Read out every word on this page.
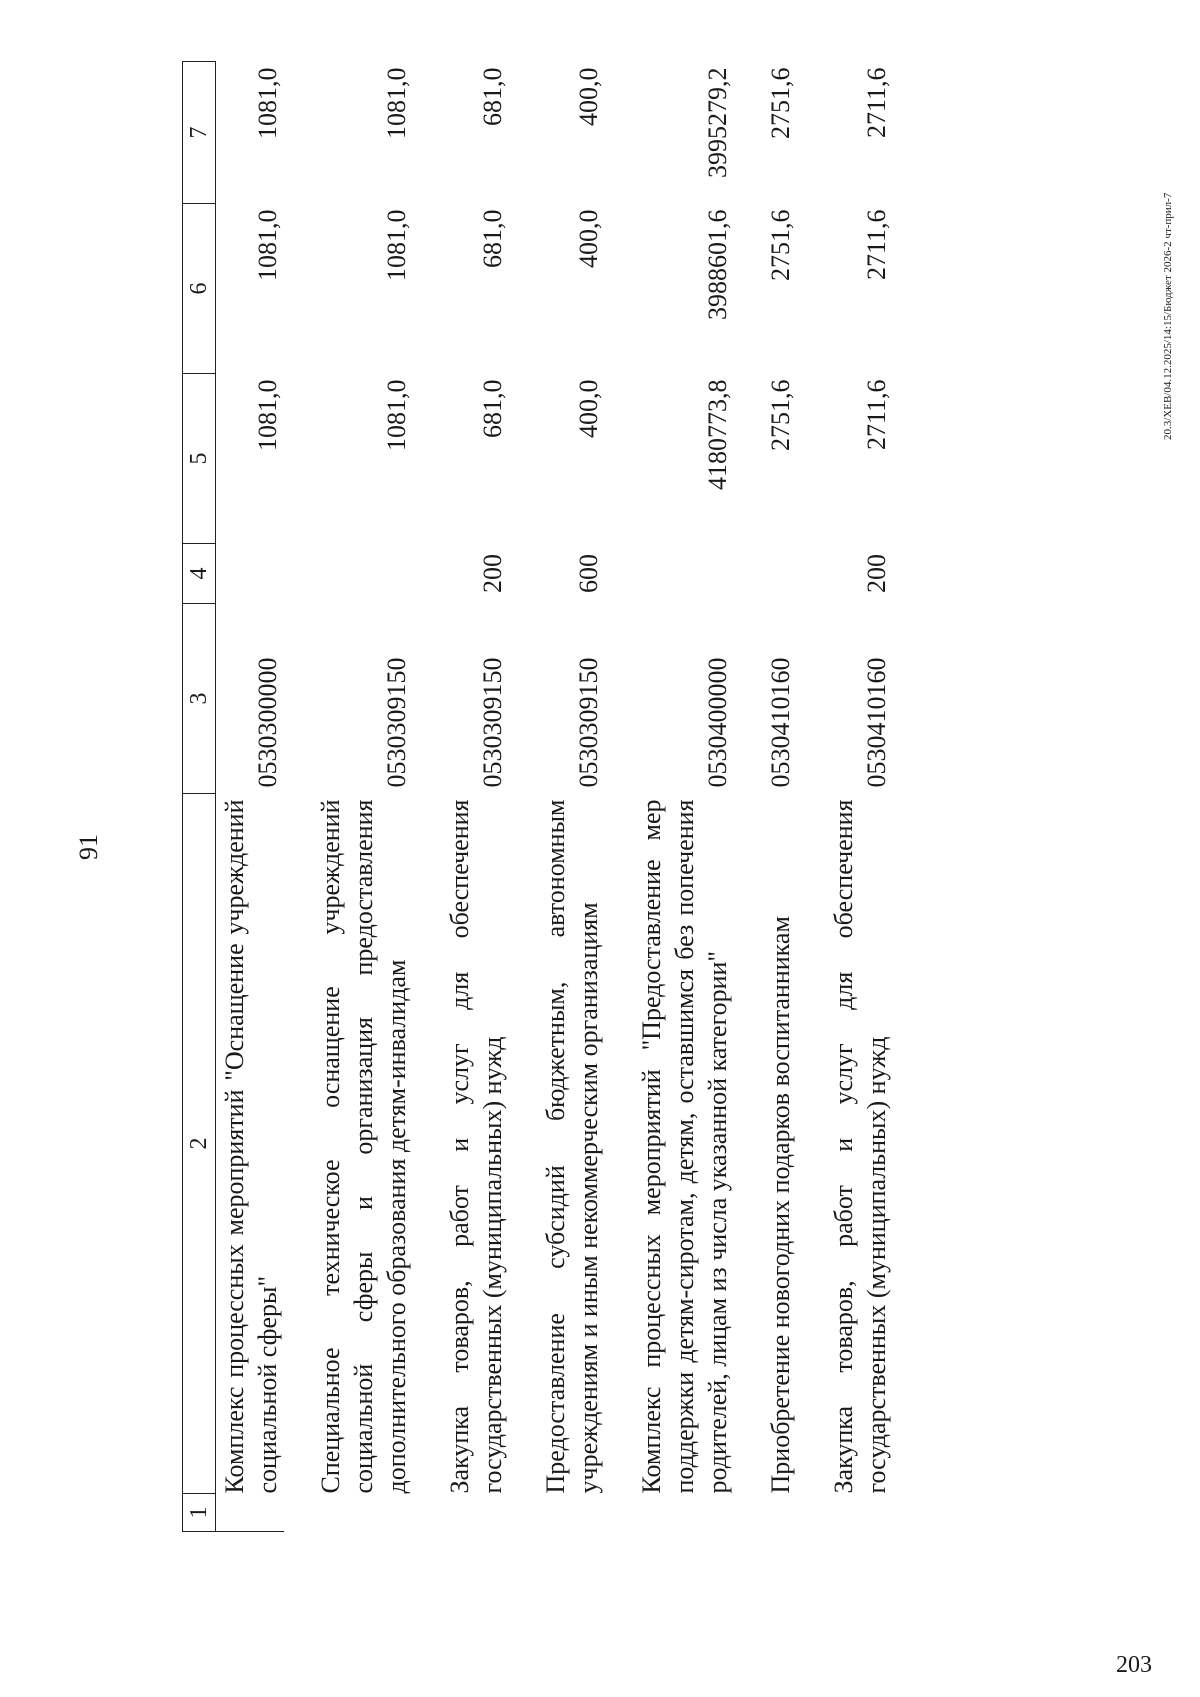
91
20.3/ХЕВ/04.12.2025/14:15/Бюджет 2026-2 чт-прил-7
203
1	2	3	4	5	6	7
	Комплекс процессных мероприятий "Оснащение учреждений социальной сферы"	0530300000		1081,0	1081,0	1081,0

	Специальное техническое оснащение учреждений социальной сферы и организация предоставления дополнительного образования детям-инвалидам	0530309150		1081,0	1081,0	1081,0

	Закупка товаров, работ и услуг для обеспечения государственных (муниципальных) нужд	0530309150	200	681,0	681,0	681,0

	Предоставление субсидий бюджетным, автономным учреждениям и иным некоммерческим организациям	0530309150	600	400,0	400,0	400,0

	Комплекс процессных мероприятий "Предоставление мер поддержки детям-сиротам, детям, оставшимся без попечения родителей, лицам из числа указанной категории"	0530400000		4180773,8	3988601,6	3995279,2

	Приобретение новогодних подарков воспитанникам	0530410160		2751,6	2751,6	2751,6

	Закупка товаров, работ и услуг для обеспечения государственных (муниципальных) нужд	0530410160	200	2711,6	2711,6	2711,6
